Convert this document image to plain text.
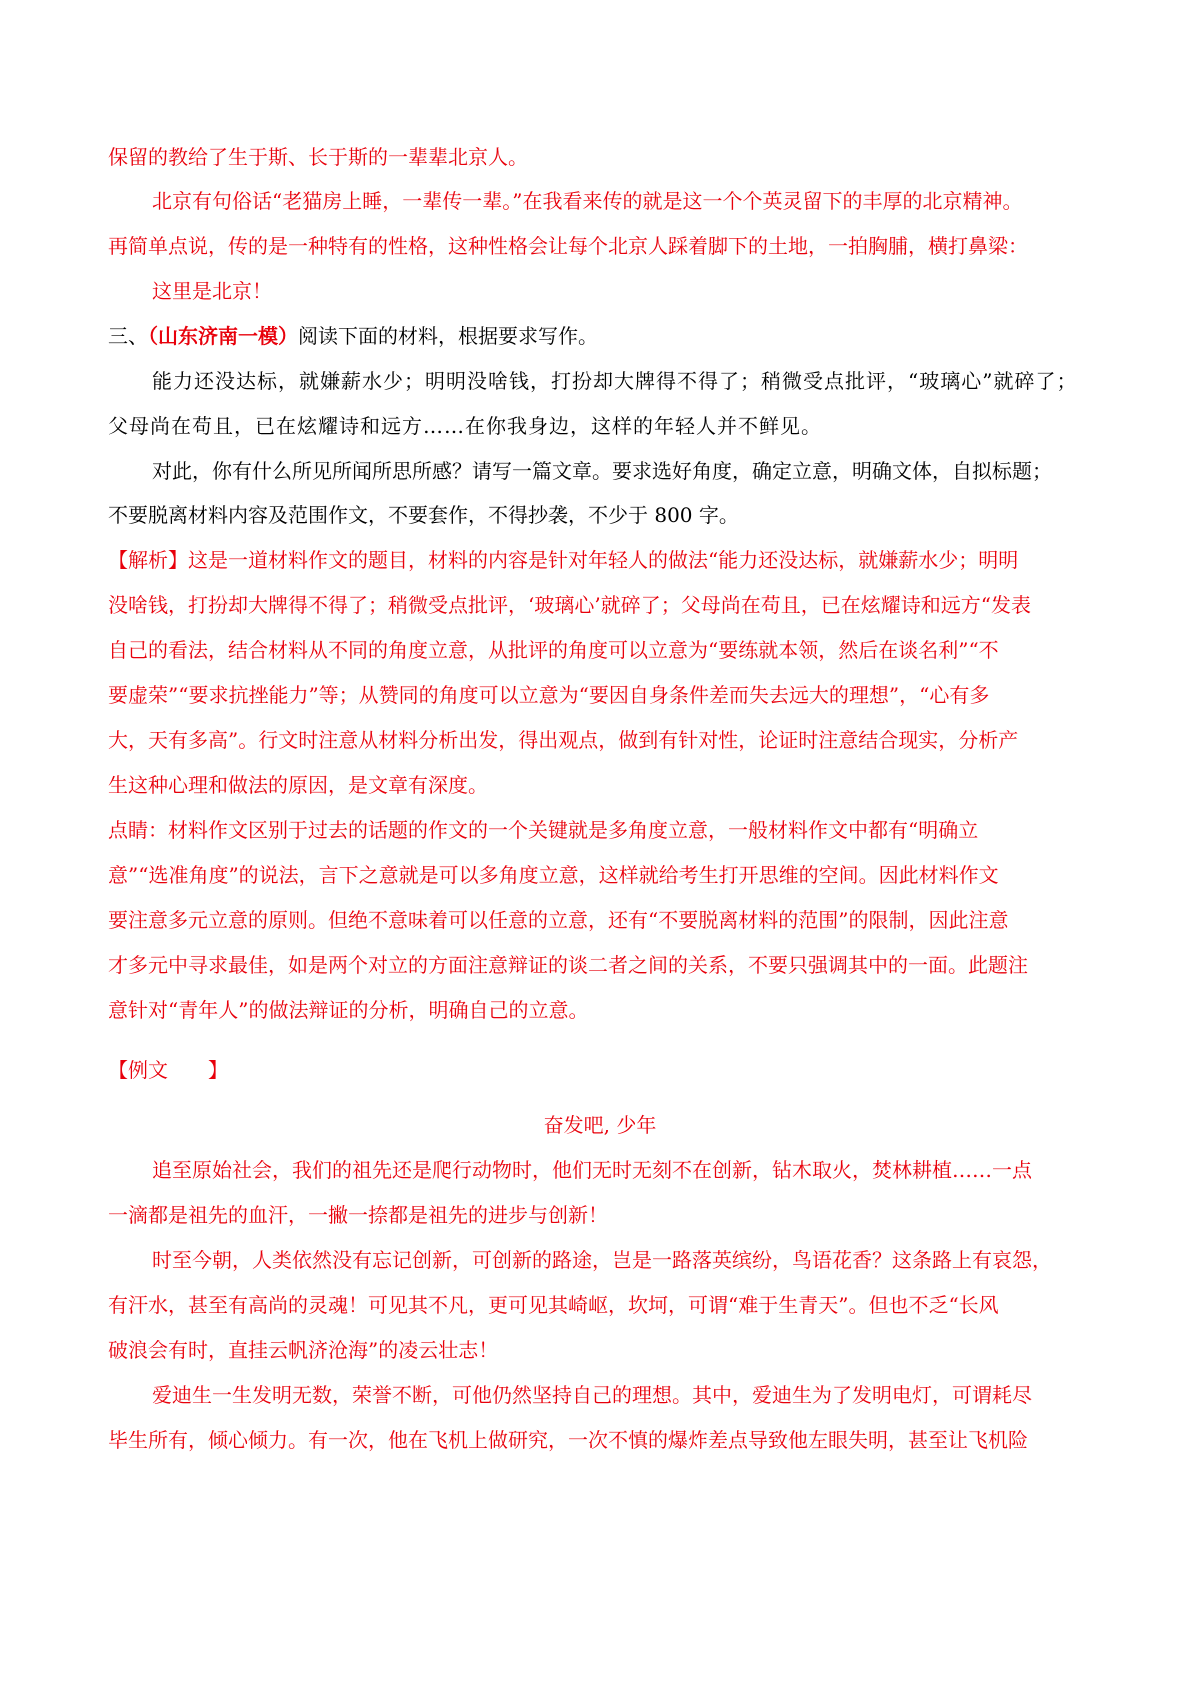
保留的教给了生于斯、长于斯的一辈辈北京人。
北京有句俗话“老猫房上睡，一辈传一辈。”在我看来传的就是这一个个英灵留下的丰厚的北京精神。
再简单点说，传的是一种特有的性格，这种性格会让每个北京人踩着脚下的土地，一拍胸脯，横打鼻梁：
这里是北京！
三、（山东济南一模）阅读下面的材料，根据要求写作。
能力还没达标，就嫌薪水少；明明没啥钱，打扮却大牌得不得了；稍微受点批评，“玻璃心”就碎了；
父母尚在苟且，已在炫耀诗和远方……在你我身边，这样的年轻人并不鲜见。
对此，你有什么所见所闻所思所感？请写一篇文章。要求选好角度，确定立意，明确文体，自拟标题；
不要脱离材料内容及范围作文，不要套作，不得抄袭，不少于 800 字。
【解析】这是一道材料作文的题目，材料的内容是针对年轻人的做法“能力还没达标，就嫌薪水少；明明
没啥钱，打扮却大牌得不得了；稍微受点批评，‘玻璃心’就碎了；父母尚在苟且，已在炫耀诗和远方“发表
自己的看法，结合材料从不同的角度立意，从批评的角度可以立意为“要练就本领，然后在谈名利”“不
要虚荣”“要求抗挫能力”等；从赞同的角度可以立意为“要因自身条件差而失去远大的理想”，“心有多
大，天有多高”。行文时注意从材料分析出发，得出观点，做到有针对性，论证时注意结合现实，分析产
生这种心理和做法的原因，是文章有深度。
点睛：材料作文区别于过去的话题的作文的一个关键就是多角度立意，一般材料作文中都有“明确立
意”“选准角度”的说法，言下之意就是可以多角度立意，这样就给考生打开思维的空间。因此材料作文
要注意多元立意的原则。但绝不意味着可以任意的立意，还有“不要脱离材料的范围”的限制，因此注意
才多元中寻求最佳，如是两个对立的方面注意辩证的谈二者之间的关系，不要只强调其中的一面。此题注
意针对“青年人”的做法辩证的分析，明确自己的立意。
【例文　　】
奋发吧, 少年
追至原始社会，我们的祖先还是爬行动物时，他们无时无刻不在创新，钻木取火，焚林耕植……一点
一滴都是祖先的血汗，一撇一捺都是祖先的进步与创新！
时至今朝，人类依然没有忘记创新，可创新的路途，岂是一路落英缤纷，鸟语花香？这条路上有哀怨，
有汗水，甚至有高尚的灵魂！可见其不凡，更可见其崎岖，坎坷，可谓“难于生青天”。但也不乏“长风
破浪会有时，直挂云帆济沧海”的凌云壮志！
爱迪生一生发明无数，荣誉不断，可他仍然坚持自己的理想。其中，爱迪生为了发明电灯，可谓耗尽
毕生所有，倾心倾力。有一次，他在飞机上做研究，一次不慎的爆炸差点导致他左眼失明，甚至让飞机险
